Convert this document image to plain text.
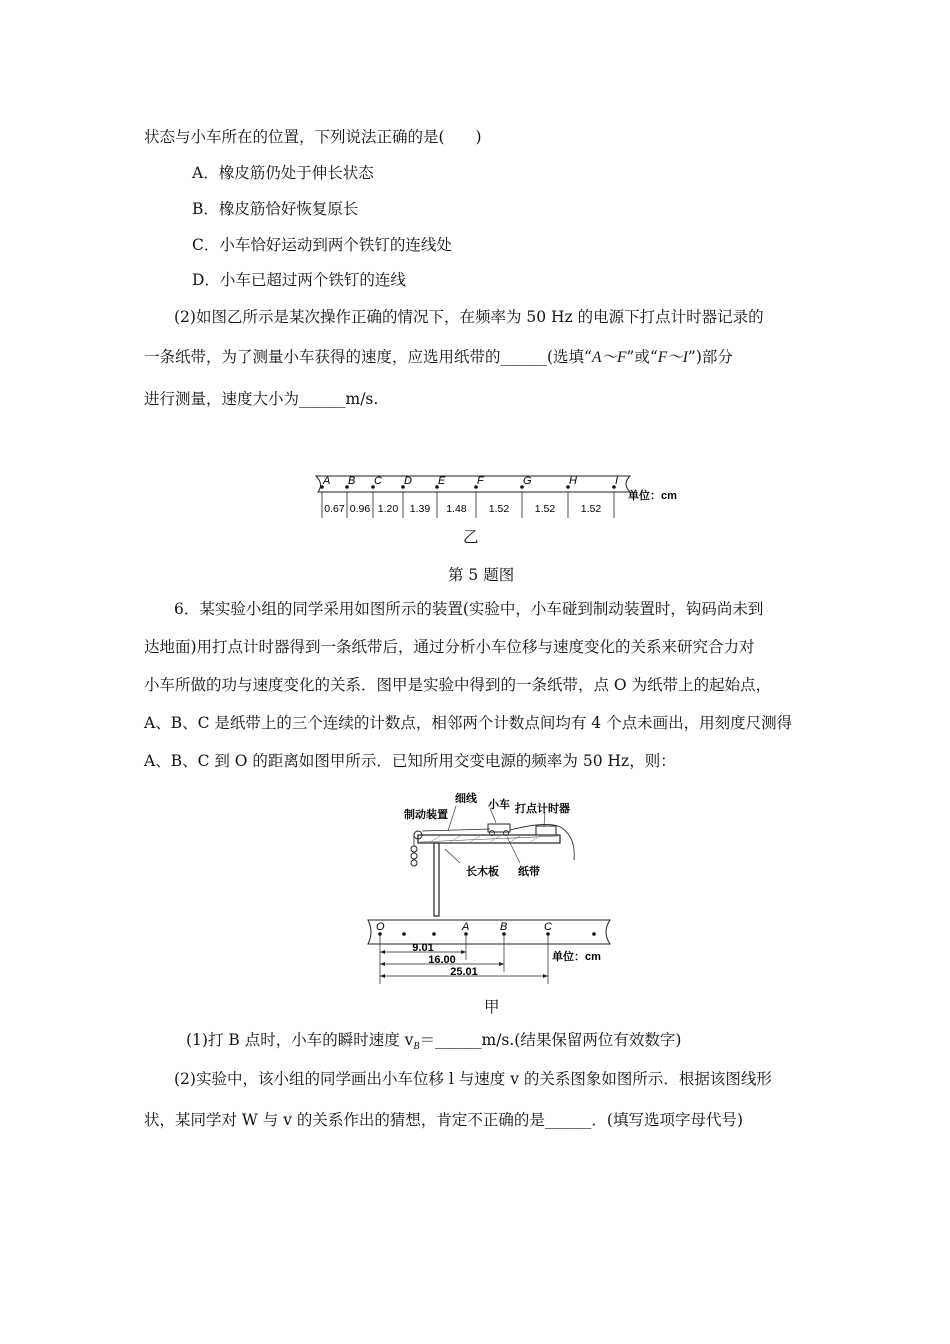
状态与小车所在的位置，下列说法正确的是(　　)
A．橡皮筋仍处于伸长状态
B．橡皮筋恰好恢复原长
C．小车恰好运动到两个铁钉的连线处
D．小车已超过两个铁钉的连线
(2)如图乙所示是某次操作正确的情况下，在频率为 50 Hz 的电源下打点计时器记录的
一条纸带，为了测量小车获得的速度，应选用纸带的______(选填“A～F”或“F～I”)部分
进行测量，速度大小为______m/s.
A B C D E	F	G	H	I
0.67 0.96 1.20 1.39 1.48 1.52 1.52 1.52
单位：cm
乙
第 5 题图
6．某实验小组的同学采用如图所示的装置(实验中，小车碰到制动装置时，钩码尚未到
达地面)用打点计时器得到一条纸带后，通过分析小车位移与速度变化的关系来研究合力对
小车所做的功与速度变化的关系．图甲是实验中得到的一条纸带，点 O 为纸带上的起始点，
A、B、C 是纸带上的三个连续的计数点，相邻两个计数点间均有 4 个点未画出，用刻度尺测得
A、B、C 到 O 的距离如图甲所示．已知所用交变电源的频率为 50 Hz，则：
细线 小车 打点计时器
制动装置
长木板 纸带
O	A	B	C
9.01
16.00
25.01
单位：cm
甲
(1)打 B 点时，小车的瞬时速度 $v_B=\_\_\_\_\_\_m/s$.(结果保留两位有效数字)
(2)实验中，该小组的同学画出小车位移 l 与速度 v 的关系图象如图所示．根据该图线形
状，某同学对 W 与 v 的关系作出的猜想，肯定不正确的是______．(填写选项字母代号)
